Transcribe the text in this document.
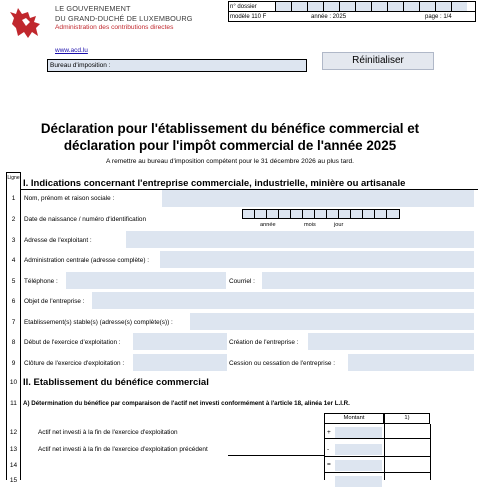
LE GOUVERNEMENT
DU GRAND-DUCHÉ DE LUXEMBOURG
Administration des contributions directes
n° dossier
modèle 110 F	année : 2025	page : 1/4
www.acd.lu
Bureau d'imposition :	Réinitialiser
Déclaration pour l'établissement du bénéfice commercial et
déclaration pour l'impôt commercial de l'année 2025
A remettre au bureau d'imposition compétent pour le 31 décembre 2026 au plus tard.
Ligne I. Indications concernant l'entreprise commerciale, industrielle, minière ou artisanale
1	Nom, prénom et raison sociale :
2	Date de naissance / numéro d'identification
année	mois	jour
3	Adresse de l'exploitant :
4	Administration centrale (adresse complète) :
5	Téléphone :	Courriel :
6	Objet de l'entreprise :
7	Etablissement(s) stable(s) (adresse(s) complète(s)) :
8	Début de l'exercice d'exploitation :	Création de l'entreprise :
9	Clôture de l'exercice d'exploitation :	Cession ou cessation de l'entreprise :
10 II. Etablissement du bénéfice commercial
11 A) Détermination du bénéfice par comparaison de l'actif net investi conformément à l'article 18, alinéa 1er L.I.R.
Montant	1)
12	Actif net investi à la fin de l'exercice d'exploitation	+
13	Actif net investi à la fin de l'exercice d'exploitation précédent	-
14	=
15
